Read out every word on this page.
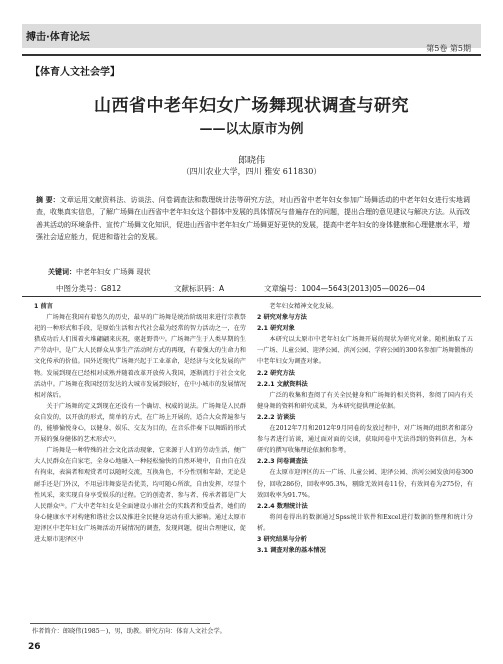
搏击·体育论坛
第5卷 第5期
【体育人文社会学】
山西省中老年妇女广场舞现状调查与研究
——以太原市为例
郎晓伟
（四川农业大学，四川 雅安 611830）
摘 要：文章运用文献资料法、访谈法、问卷调查法和数理统计法等研究方法，对山西省中老年妇女参加广场舞活动的中老年妇女进行实地调查，收集真实信息，了解广场舞在山西省中老年妇女这个群体中发展的具体情况与普遍存在的问题，提出合理的意见建议与解决方法。从而改善其活动的环境条件、宣传广场舞文化知识，促进山西省中老年妇女广场舞更好更快的发展，提高中老年妇女的身体健康和心理健康水平，增强社会适应能力，促进和谐社会的发展。
关键词：中老年妇女 广场舞 现状
中图分类号：G812	文献标识码：A	文章编号：1004—5643(2013)05—0026—04

1 前言

广场舞在我国有着悠久的历史，最早的广场舞是统治阶级用来进行宗教祭祀的一种形式和手段，是原始生活和古代社会最为经常的智力活动之一，在劳猎成功后人们围着火堆翩翩来庆祝，驱赶野兽⁽¹⁾。广场舞产生于人类早期的生产劳动中，是广大人民群众从事生产活动时方式的再现，有着强大的生命力和文化传承的价值。国外近现代广场舞兴起于工业革命，是经济与文化发展的产物。发展到现在已经相对成熟并随着改革开放传入我国，逐渐流行于社会文化活动中。广场舞在我国经历发达的大城市发展到较好，在中小城市的发展情况相对落后。

关于广场舞的定义到现在还没有一个确切、权威的说法。广场舞是人民群众自发的，以开放的形式，简单的方式，在广场上开展的，适合大众普遍参与的，能够愉悦身心，以健身、娱乐、交友为目的，在音乐伴奏下以舞蹈的形式开展的强身健体的艺术形式⁽²⁾。

广场舞是一种特殊的社会文化活动现象，它来源于人们的劳动生活，便广大人民群众在自家宅，全身心地融入一种轻松愉快的自然环境中，自由自在没有拘束，表演者和观赏者可以随时交流，互换角色，不分性别和年龄，无论是耐手还是门外汉，不用忌讳舞姿是否优美，均可随心所欲，自由发挥，尽显个性风采，来实现自身享受娱乐的过程。它的创造者、参与者、传承者都是广大人民群众⁽³⁾。广大中老年妇女是全面建设小康社会的实践者和受益者，她们的身心健康水平对构建和谐社会以及推进全民健身运动有重大影响。通过太原市迎泽区中老年妇女广场舞活动开展情况的调查，发现问题，提出合理建议，促进太原市迎泽区中

老年妇女精神文化发展。

2 研究对象与方法

2.1 研究对象

本研究以太原市中老年妇女广场舞开展的现状为研究对象。随机抽取了五一广场、儿童公园、迎泽公园、滨河公园、学府公园的300名参加广场舞锻炼的中老年妇女为调查对象。

2.2 研究方法

2.2.1 文献资料法

广泛的收集和查阅了有关全民健身和广场舞的相关资料，参阅了国内有关健身舞的资料和研究成果，为本研究提供理论依据。

2.2.2 访谈法

在2012年7月和2012年9月同卷的发放过程中，对广场舞的组织者和部分参与者进行访谈，通过面对面的交谈，获取问卷中无法得到的资料信息，为本研究的撰写收集理论依据和参考。

2.2.3 问卷调查法

在太原市迎泽区的五一广场、儿童公园、迎泽公园、滨河公园发放问卷300份，回收286份，回收率95.3%，剔除无效问卷11份，有效问卷为275份，有效回收率为91.7%。

2.2.4 数理统计法

将问卷得出的数据通过Spss统计软件和Excel进行数据的整理和统计分析。

3 研究结果与分析

3.1 调查对象的基本情况

作者简介：郎晓伟(1985－)，男，助教。研究方向：体育人文社会学。
26
